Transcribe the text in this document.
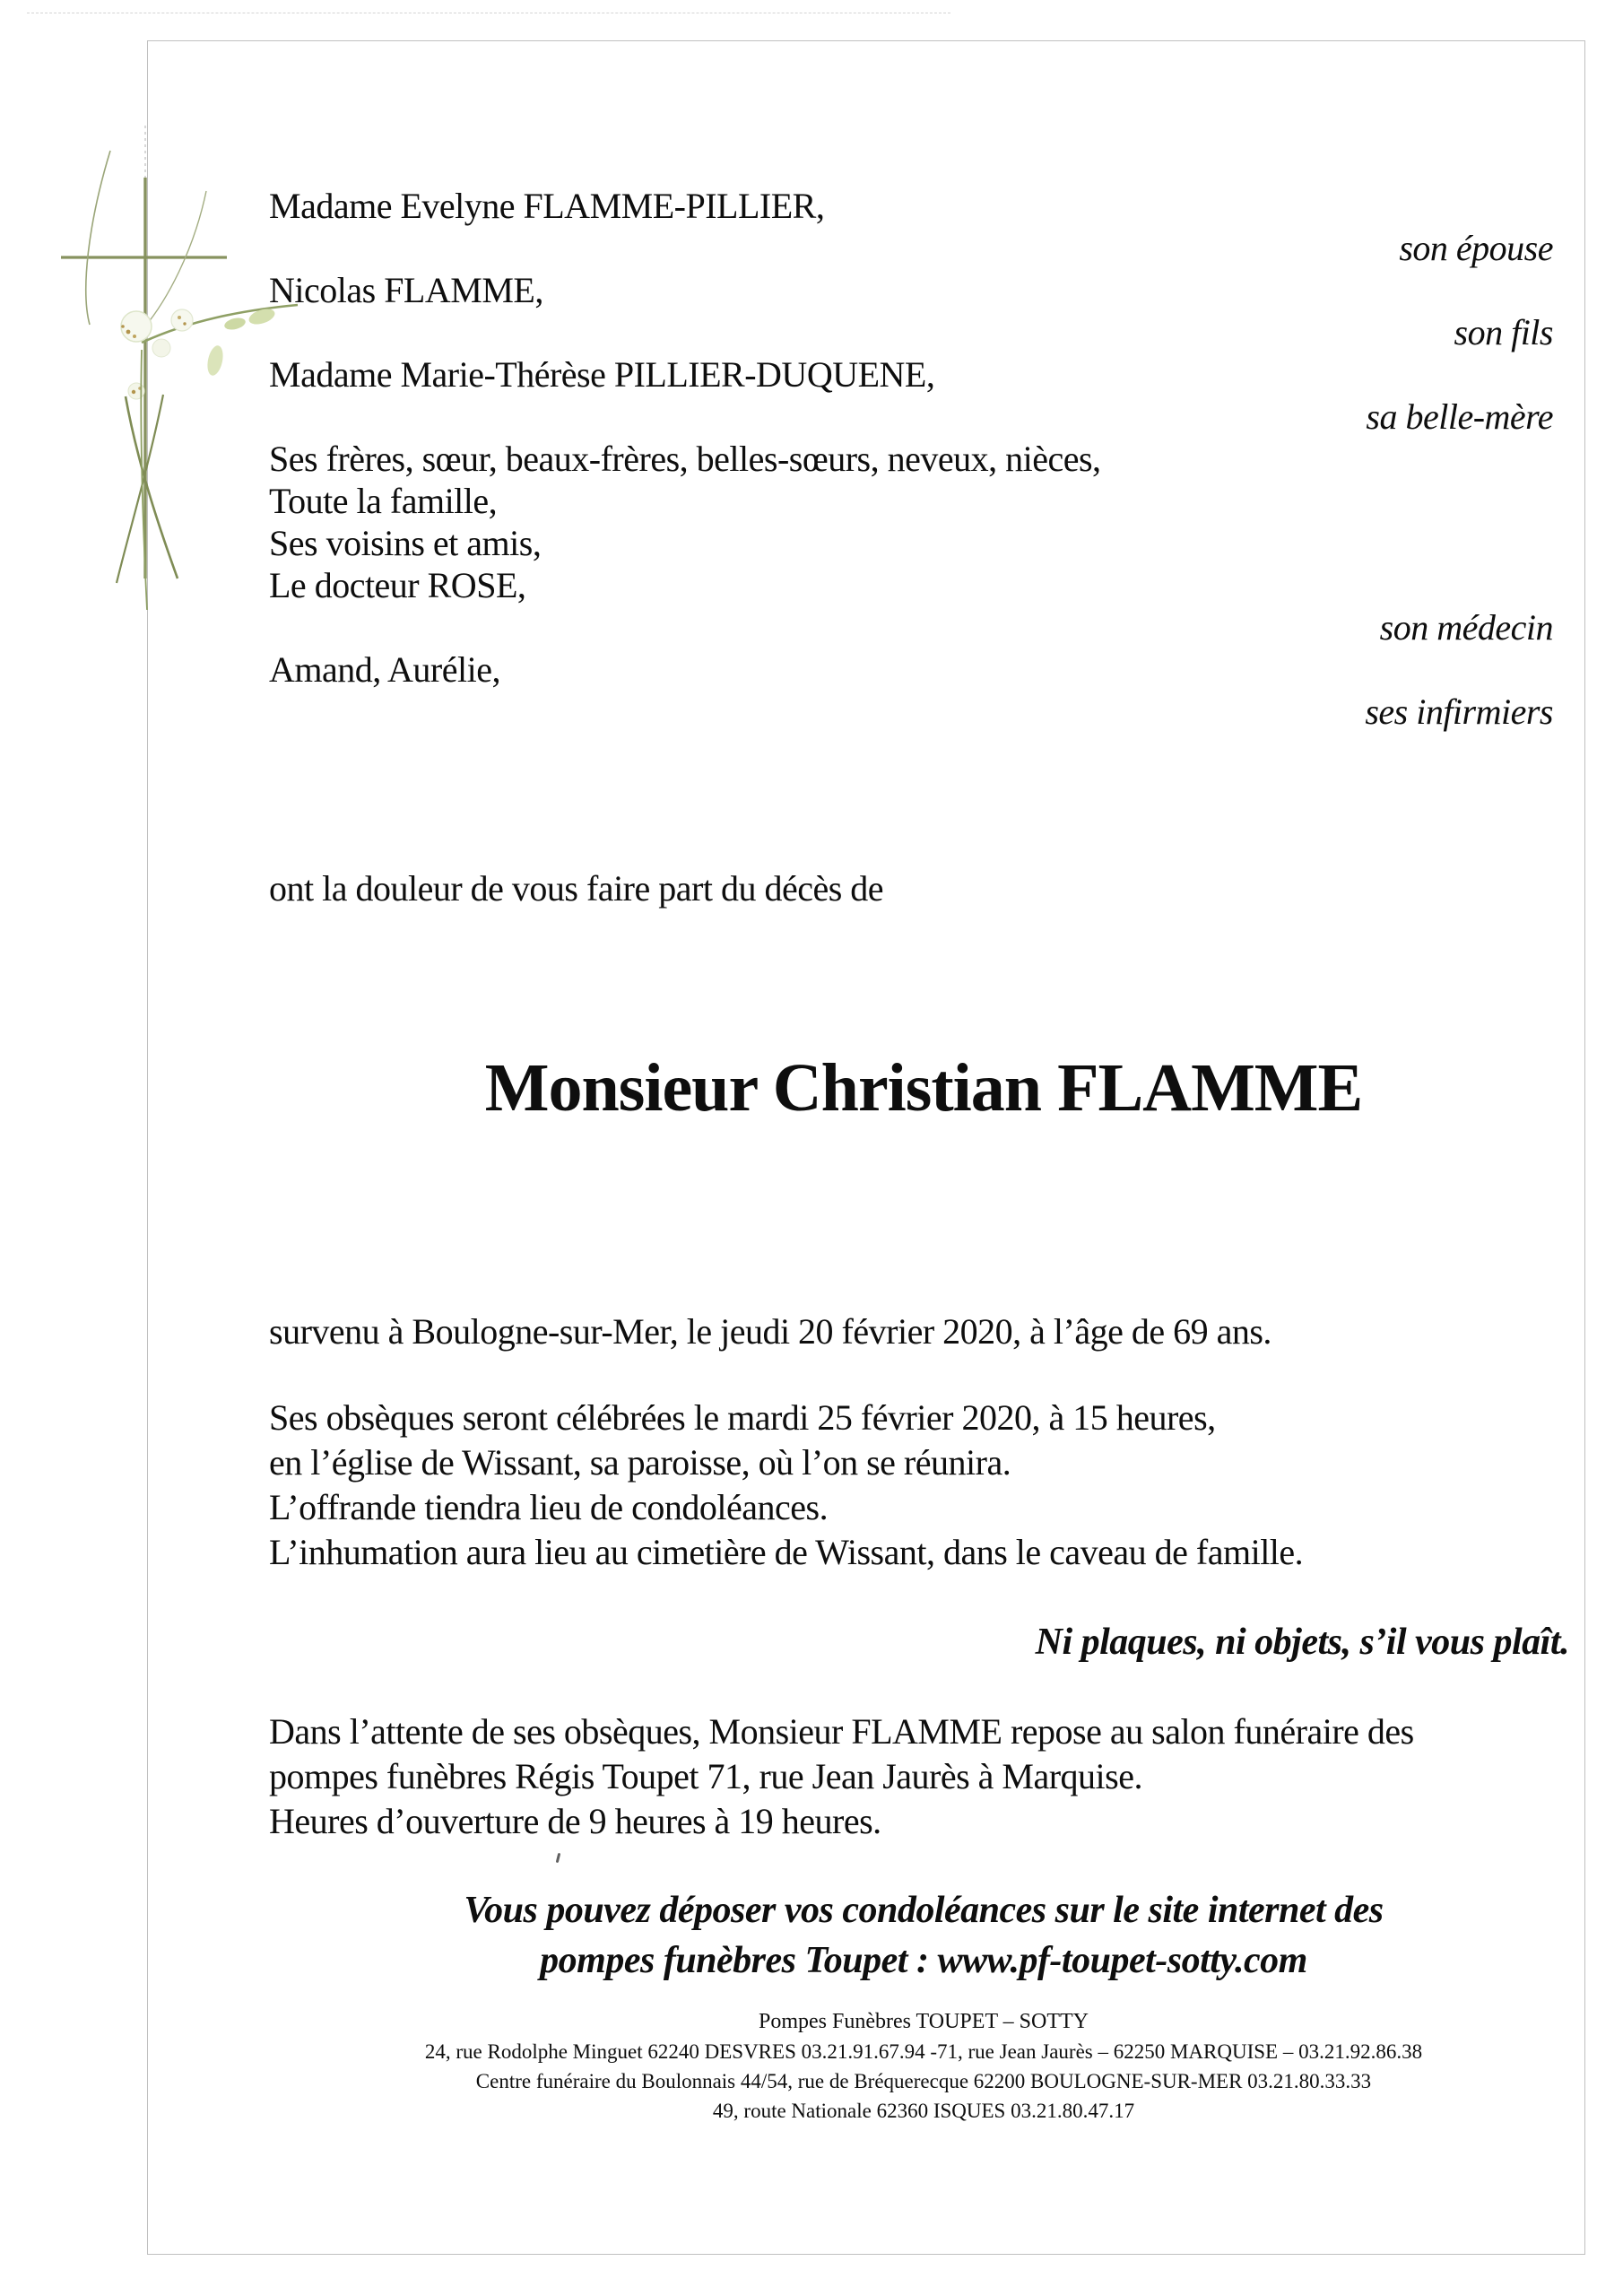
Madame Evelyne FLAMME-PILLIER,
son épouse
Nicolas FLAMME,
son fils
Madame Marie-Thérèse PILLIER-DUQUENE,
sa belle-mère
Ses frères, sœur, beaux-frères, belles-sœurs, neveux, nièces,
Toute la famille,
Ses voisins et amis,
Le docteur ROSE,
son médecin
Amand, Aurélie,
ses infirmiers
ont la douleur de vous faire part du décès de
Monsieur Christian FLAMME
survenu à Boulogne-sur-Mer, le jeudi 20 février 2020, à l’âge de 69 ans.
Ses obsèques seront célébrées le mardi 25 février 2020, à 15 heures,
en l’église de Wissant, sa paroisse, où l’on se réunira.
L’offrande tiendra lieu de condoléances.
L’inhumation aura lieu au cimetière de Wissant, dans le caveau de famille.
Ni plaques, ni objets, s’il vous plaît.
Dans l’attente de ses obsèques, Monsieur FLAMME repose au salon funéraire des
pompes funèbres Régis Toupet 71, rue Jean Jaurès à Marquise.
Heures d’ouverture de 9 heures à 19 heures.
Vous pouvez déposer vos condoléances sur le site internet des
pompes funèbres Toupet : www.pf-toupet-sotty.com
Pompes Funèbres TOUPET – SOTTY
24, rue Rodolphe Minguet 62240 DESVRES 03.21.91.67.94 -71, rue Jean Jaurès – 62250 MARQUISE – 03.21.92.86.38
Centre funéraire du Boulonnais 44/54, rue de Bréquerecque 62200 BOULOGNE-SUR-MER 03.21.80.33.33
49, route Nationale 62360 ISQUES 03.21.80.47.17
